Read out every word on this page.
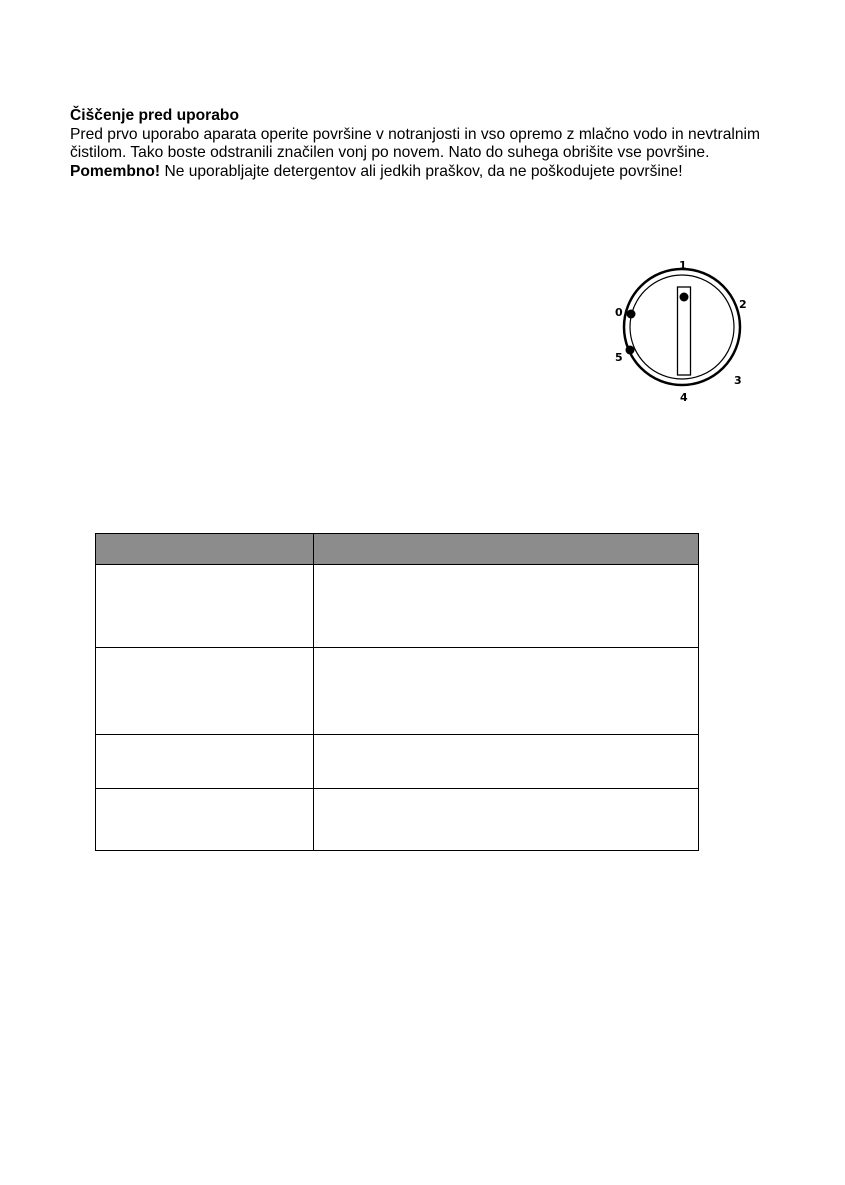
Čiščenje pred uporabo
Pred prvo uporabo aparata operite površine v notranjosti in vso opremo z mlačno vodo in nevtralnim čistilom. Tako boste odstranili značilen vonj po novem. Nato do suhega obrišite vse površine.
Pomembno! Ne uporabljajte detergentov ali jedkih praškov, da ne poškodujete površine!
0
1
2
3
4
5
